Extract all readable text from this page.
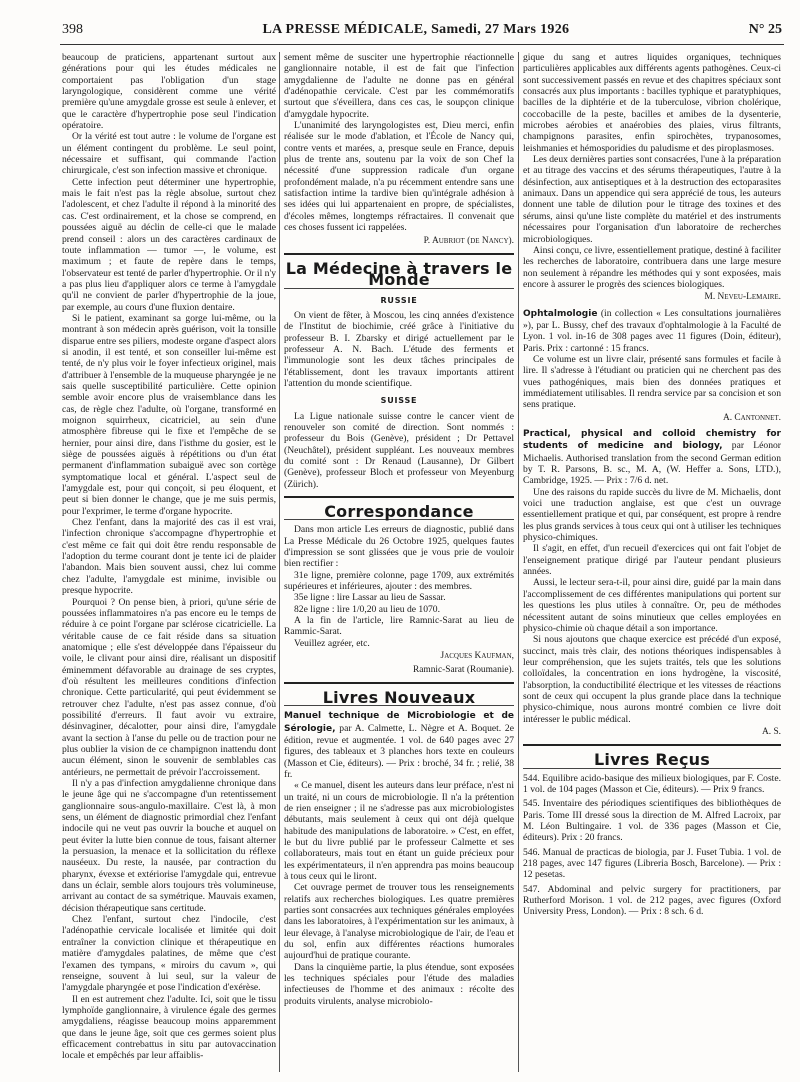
398	LA PRESSE MÉDICALE, Samedi, 27 Mars 1926	N° 25

beaucoup de praticiens, appartenant surtout aux générations pour qui les études médicales ne comportaient pas l'obligation d'un stage laryngologique, considèrent comme une vérité première qu'une amygdale grosse est seule à enlever, et que le caractère d'hypertrophie pose seul l'indication opératoire.

Or la vérité est tout autre : le volume de l'organe est un élément contingent du problème. Le seul point, nécessaire et suffisant, qui commande l'action chirurgicale, c'est son infection massive et chronique.

Cette infection peut déterminer une hypertrophie, mais le fait n'est pas la règle absolue, surtout chez l'adolescent, et chez l'adulte il répond à la minorité des cas. C'est ordinairement, et la chose se comprend, en poussées aiguë au déclin de celle-ci que le malade prend conseil : alors un des caractères cardinaux de toute inflammation — tumor —, le volume, est maximum ; et faute de repère dans le temps, l'observateur est tenté de parler d'hypertrophie. Or il n'y a pas plus lieu d'appliquer alors ce terme à l'amygdale qu'il ne convient de parler d'hypertrophie de la joue, par exemple, au cours d'une fluxion dentaire.

Si le patient, examinant sa gorge lui-même, ou la montrant à son médecin après guérison, voit la tonsille disparue entre ses piliers, modeste organe d'aspect alors si anodin, il est tenté, et son conseiller lui-même est tenté, de n'y plus voir le foyer infectieux originel, mais d'attribuer à l'ensemble de la muqueuse pharyngée je ne sais quelle susceptibilité particulière. Cette opinion semble avoir encore plus de vraisemblance dans les cas, de règle chez l'adulte, où l'organe, transformé en moignon squirrheux, cicatriciel, au sein d'une atmosphère fibreuse qui le fixe et l'empêche de se hernier, pour ainsi dire, dans l'isthme du gosier, est le siège de poussées aiguës à répétitions ou d'un état permanent d'inflammation subaiguë avec son cortège symptomatique local et général. L'aspect seul de l'amygdale est, pour qui conçoit, si peu éloquent, et peut si bien donner le change, que je me suis permis, pour l'exprimer, le terme d'organe hypocrite.

Chez l'enfant, dans la majorité des cas il est vrai, l'infection chronique s'accompagne d'hypertrophie et c'est même ce fait qui doit être rendu responsable de l'adoption du terme courant dont je tente ici de plaider l'abandon. Mais bien souvent aussi, chez lui comme chez l'adulte, l'amygdale est minime, invisible ou presque hypocrite.

Pourquoi ? On pense bien, à priori, qu'une série de poussées inflammatoires n'a pas encore eu le temps de réduire à ce point l'organe par sclérose cicatricielle. La véritable cause de ce fait réside dans sa situation anatomique ; elle s'est développée dans l'épaisseur du voile, le clivant pour ainsi dire, réalisant un dispositif éminemment défavorable au drainage de ses cryptes, d'où résultent les meilleures conditions d'infection chronique. Cette particularité, qui peut évidemment se retrouver chez l'adulte, n'est pas assez connue, d'où possibilité d'erreurs. Il faut avoir vu extraire, désinvaginer, décalotter, pour ainsi dire, l'amygdale avant la section à l'anse du pelle ou de traction pour ne plus oublier la vision de ce champignon inattendu dont aucun élément, sinon le souvenir de semblables cas antérieurs, ne permettait de prévoir l'accroissement.

Il n'y a pas d'infection amygdalienne chronique dans le jeune âge qui ne s'accompagne d'un retentissement ganglionnaire sous-angulo-maxillaire. C'est là, à mon sens, un élément de diagnostic primordial chez l'enfant indocile qui ne veut pas ouvrir la bouche et auquel on peut éviter la lutte bien connue de tous, faisant alterner la persuasion, la menace et la sollicitation du réflexe nauséeux. Du reste, la nausée, par contraction du pharynx, évexse et extériorise l'amygdale qui, entrevue dans un éclair, semble alors toujours très volumineuse, arrivant au contact de sa symétrique. Mauvais examen, décision thérapeutique sans certitude.

Chez l'enfant, surtout chez l'indocile, c'est l'adénopathie cervicale localisée et limitée qui doit entraîner la conviction clinique et thérapeutique en matière d'amygdales palatines, de même que c'est l'examen des tympans, « miroirs du cavum », qui renseigne, souvent à lui seul, sur la valeur de l'amygdale pharyngée et pose l'indication d'exérèse.

Il en est autrement chez l'adulte. Ici, soit que le tissu lymphoïde ganglionnaire, à virulence égale des germes amygdaliens, réagisse beaucoup moins apparemment que dans le jeune âge, soit que ces germes soient plus efficacement contrebattus in situ par autovaccination locale et empêchés par leur affaiblis-

sement même de susciter une hypertrophie réactionnelle ganglionnaire notable, il est de fait que l'infection amygdalienne de l'adulte ne donne pas en général d'adénopathie cervicale. C'est par les commémoratifs surtout que s'éveillera, dans ces cas, le soupçon clinique d'amygdale hypocrite.

L'unanimité des laryngologistes est, Dieu merci, enfin réalisée sur le mode d'ablation, et l'École de Nancy qui, contre vents et marées, a, presque seule en France, depuis plus de trente ans, soutenu par la voix de son Chef la nécessité d'une suppression radicale d'un organe profondément malade, n'a pu récemment entendre sans une satisfaction intime la tardive bien qu'intégrale adhésion à ses idées qui lui appartenaient en propre, de spécialistes, d'écoles mêmes, longtemps réfractaires. Il convenait que ces choses fussent ici rappelées.

P. Aubriot (de Nancy).
La Médecine à travers le Monde
RUSSIE

On vient de fêter, à Moscou, les cinq années d'existence de l'Institut de biochimie, créé grâce à l'initiative du professeur B. I. Zbarsky et dirigé actuellement par le professeur A. N. Bach. L'étude des ferments et l'immunologie sont les deux tâches principales de l'établissement, dont les travaux importants attirent l'attention du monde scientifique.

SUISSE

La Ligue nationale suisse contre le cancer vient de renouveler son comité de direction. Sont nommés : professeur du Bois (Genève), président ; Dr Pettavel (Neuchâtel), président suppléant. Les nouveaux membres du comité sont : Dr Renaud (Lausanne), Dr Gilbert (Genève), professeur Bloch et professeur von Meyenburg (Zürich).

Correspondance

Dans mon article Les erreurs de diagnostic, publié dans La Presse Médicale du 26 Octobre 1925, quelques fautes d'impression se sont glissées que je vous prie de vouloir bien rectifier :

31e ligne, première colonne, page 1709, aux extrémités supérieures et inférieures, ajouter : des membres.

35e ligne : lire Lassar au lieu de Sassar.

82e ligne : lire 1/0,20 au lieu de 1070.

A la fin de l'article, lire Ramnic-Sarat au lieu de Rammic-Sarat.

Veuillez agréer, etc.

Jacques Kaufman,
Ramnic-Sarat (Roumanie).
Livres Nouveaux

Manuel technique de Microbiologie et de Sérologie, par A. Calmette, L. Nègre et A. Boquet. 2e édition, revue et augmentée. 1 vol. de 640 pages avec 27 figures, des tableaux et 3 planches hors texte en couleurs (Masson et Cie, éditeurs). — Prix : broché, 34 fr. ; relié, 38 fr.

« Ce manuel, disent les auteurs dans leur préface, n'est ni un traité, ni un cours de microbiologie. Il n'a la prétention de rien enseigner ; il ne s'adresse pas aux microbiologistes débutants, mais seulement à ceux qui ont déjà quelque habitude des manipulations de laboratoire. » C'est, en effet, le but du livre publié par le professeur Calmette et ses collaborateurs, mais tout en étant un guide précieux pour les expérimentateurs, il n'en apprendra pas moins beaucoup à tous ceux qui le liront.

Cet ouvrage permet de trouver tous les renseignements relatifs aux recherches biologiques. Les quatre premières parties sont consacrées aux techniques générales employées dans les laboratoires, à l'expérimentation sur les animaux, à leur élevage, à l'analyse microbiologique de l'air, de l'eau et du sol, enfin aux différentes réactions humorales aujourd'hui de pratique courante.

Dans la cinquième partie, la plus étendue, sont exposées les techniques spéciales pour l'étude des maladies infectieuses de l'homme et des animaux : récolte des produits virulents, analyse microbiolo-

gique du sang et autres liquides organiques, techniques particulières applicables aux différents agents pathogènes. Ceux-ci sont successivement passés en revue et des chapitres spéciaux sont consacrés aux plus importants : bacilles typhique et paratyphiques, bacilles de la diphtérie et de la tuberculose, vibrion cholérique, coccobacille de la peste, bacilles et amibes de la dysenterie, microbes aérobies et anaérobies des plaies, virus filtrants, champignons parasites, enfin spirochètes, trypanosomes, leishmanies et hémosporidies du paludisme et des piroplasmoses.

Les deux dernières parties sont consacrées, l'une à la préparation et au titrage des vaccins et des sérums thérapeutiques, l'autre à la désinfection, aux antiseptiques et à la destruction des ectoparasites animaux. Dans un appendice qui sera apprécié de tous, les auteurs donnent une table de dilution pour le titrage des toxines et des sérums, ainsi qu'une liste complète du matériel et des instruments nécessaires pour l'organisation d'un laboratoire de recherches microbiologiques.

Ainsi conçu, ce livre, essentiellement pratique, destiné à faciliter les recherches de laboratoire, contribuera dans une large mesure non seulement à répandre les méthodes qui y sont exposées, mais encore à assurer le progrès des sciences biologiques.

M. Neveu-Lemaire.

Ophtalmologie (in collection « Les consultations journalières »), par L. Bussy, chef des travaux d'ophtalmologie à la Faculté de Lyon. 1 vol. in-16 de 308 pages avec 11 figures (Doin, éditeur), Paris. Prix : cartonné : 15 francs.

Ce volume est un livre clair, présenté sans formules et facile à lire. Il s'adresse à l'étudiant ou praticien qui ne cherchent pas des vues pathogéniques, mais bien des données pratiques et immédiatement utilisables. Il rendra service par sa concision et son sens pratique.

A. Cantonnet.

Practical, physical and colloid chemistry for students of medicine and biology, par Léonor Michaelis. Authorised translation from the second German edition by T. R. Parsons, B. sc., M. A, (W. Heffer a. Sons, LTD.), Cambridge, 1925. — Prix : 7/6 d. net.

Une des raisons du rapide succès du livre de M. Michaelis, dont voici une traduction anglaise, est que c'est un ouvrage essentiellement pratique et qui, par conséquent, est propre à rendre les plus grands services à tous ceux qui ont à utiliser les techniques physico-chimiques.

Il s'agit, en effet, d'un recueil d'exercices qui ont fait l'objet de l'enseignement pratique dirigé par l'auteur pendant plusieurs années.

Aussi, le lecteur sera-t-il, pour ainsi dire, guidé par la main dans l'accomplissement de ces différentes manipulations qui portent sur les questions les plus utiles à connaître. Or, peu de méthodes nécessitent autant de soins minutieux que celles employées en physico-chimie où chaque détail a son importance.

Si nous ajoutons que chaque exercice est précédé d'un exposé, succinct, mais très clair, des notions théoriques indispensables à leur compréhension, que les sujets traités, tels que les solutions colloïdales, la concentration en ions hydrogène, la viscosité, l'absorption, la conductibilité électrique et les vitesses de réactions sont de ceux qui occupent la plus grande place dans la technique physico-chimique, nous aurons montré combien ce livre doit intéresser le public médical.

A. S.
Livres Reçus

544. Equilibre acido-basique des milieux biologiques, par F. Coste. 1 vol. de 104 pages (Masson et Cie, éditeurs). — Prix 9 francs.

545. Inventaire des périodiques scientifiques des bibliothèques de Paris. Tome III dressé sous la direction de M. Alfred Lacroix, par M. Léon Bultingaire. 1 vol. de 336 pages (Masson et Cie, éditeurs). Prix : 20 francs.

546. Manual de practicas de biologia, par J. Fuset Tubia. 1 vol. de 218 pages, avec 147 figures (Libreria Bosch, Barcelone). — Prix : 12 pesetas.

547. Abdominal and pelvic surgery for practitioners, par Rutherford Morison. 1 vol. de 212 pages, avec figures (Oxford University Press, London). — Prix : 8 sch. 6 d.
